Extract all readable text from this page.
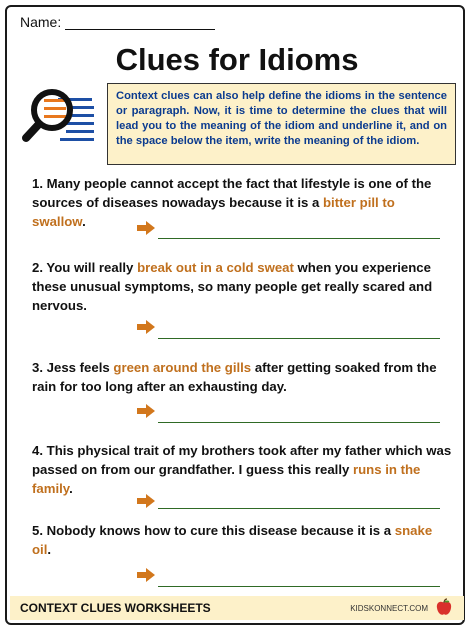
Name:
Clues for Idioms
Context clues can also help define the idioms in the sentence or paragraph. Now, it is time to determine the clues that will lead you to the meaning of the idiom and underline it, and on the space below the item, write the meaning of the idiom.
1. Many people cannot accept the fact that lifestyle is one of the sources of diseases nowadays because it is a bitter pill to swallow.
2. You will really break out in a cold sweat when you experience these unusual symptoms, so many people get really scared and nervous.
3. Jess feels green around the gills after getting soaked from the rain for too long after an exhausting day.
4. This physical trait of my brothers took after my father which was passed on from our grandfather. I guess this really runs in the family.
5. Nobody knows how to cure this disease because it is a snake oil.
CONTEXT CLUES WORKSHEETS	KIDSKONNECT.COM
